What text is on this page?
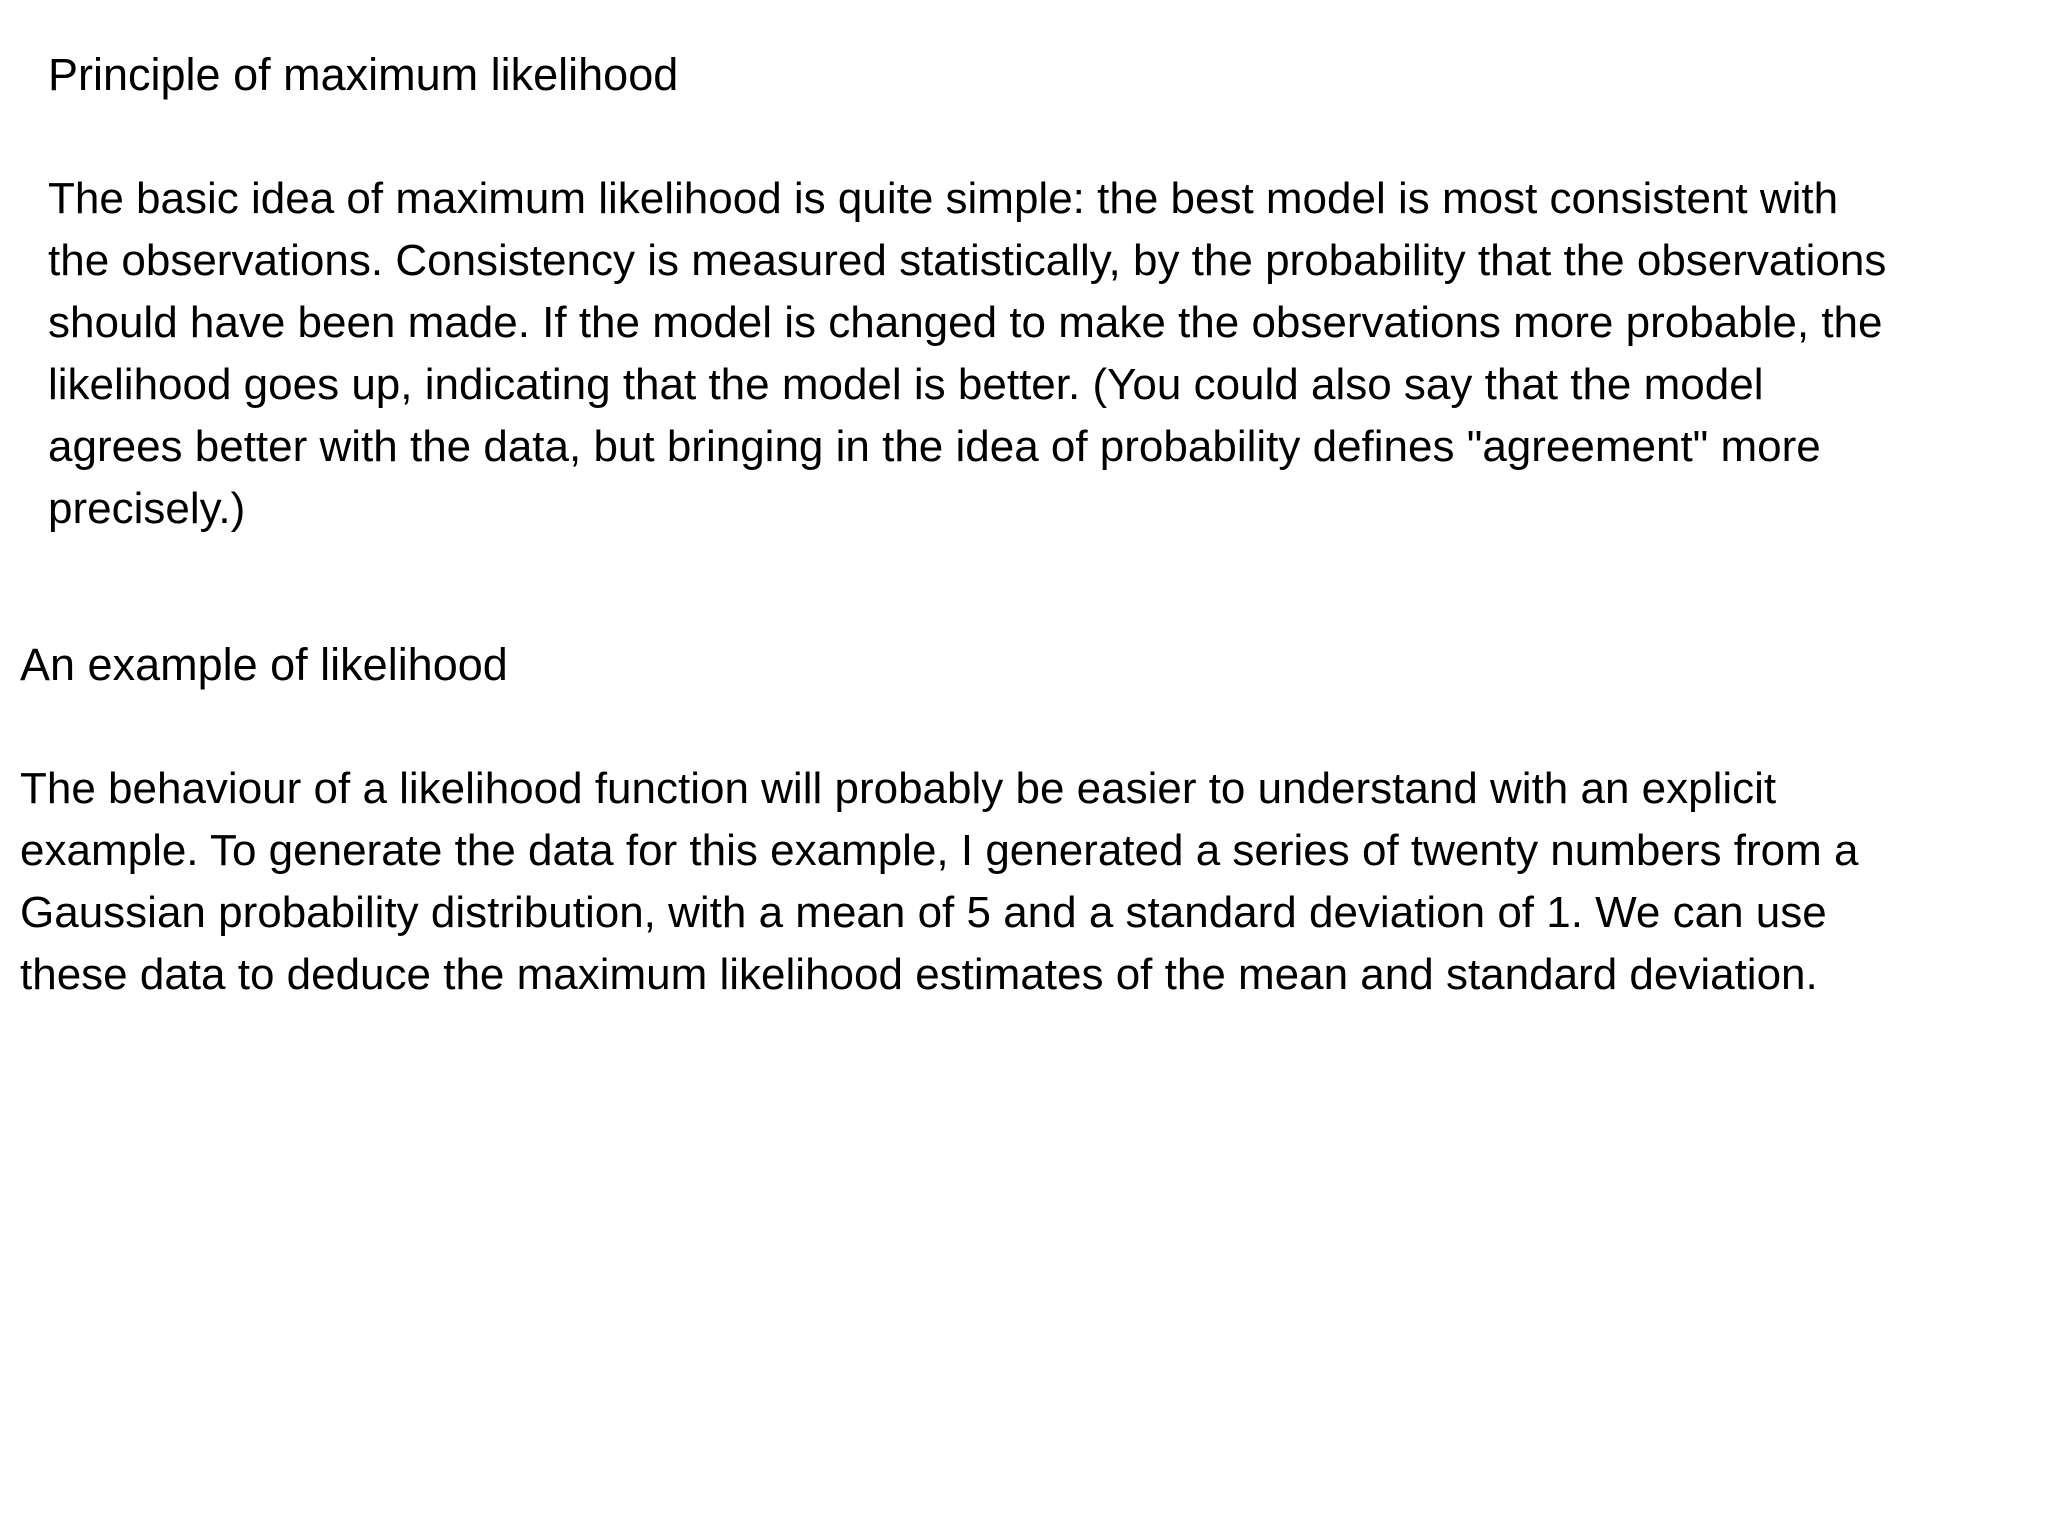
Principle of maximum likelihood

The basic idea of maximum likelihood is quite simple: the best model is most consistent with
the observations. Consistency is measured statistically, by the probability that the observations
should have been made. If the model is changed to make the observations more probable, the
likelihood goes up, indicating that the model is better. (You could also say that the model
agrees better with the data, but bringing in the idea of probability defines "agreement" more
precisely.)

An example of likelihood

The behaviour of a likelihood function will probably be easier to understand with an explicit
example. To generate the data for this example, I generated a series of twenty numbers from a
Gaussian probability distribution, with a mean of 5 and a standard deviation of 1. We can use
these data to deduce the maximum likelihood estimates of the mean and standard deviation.
